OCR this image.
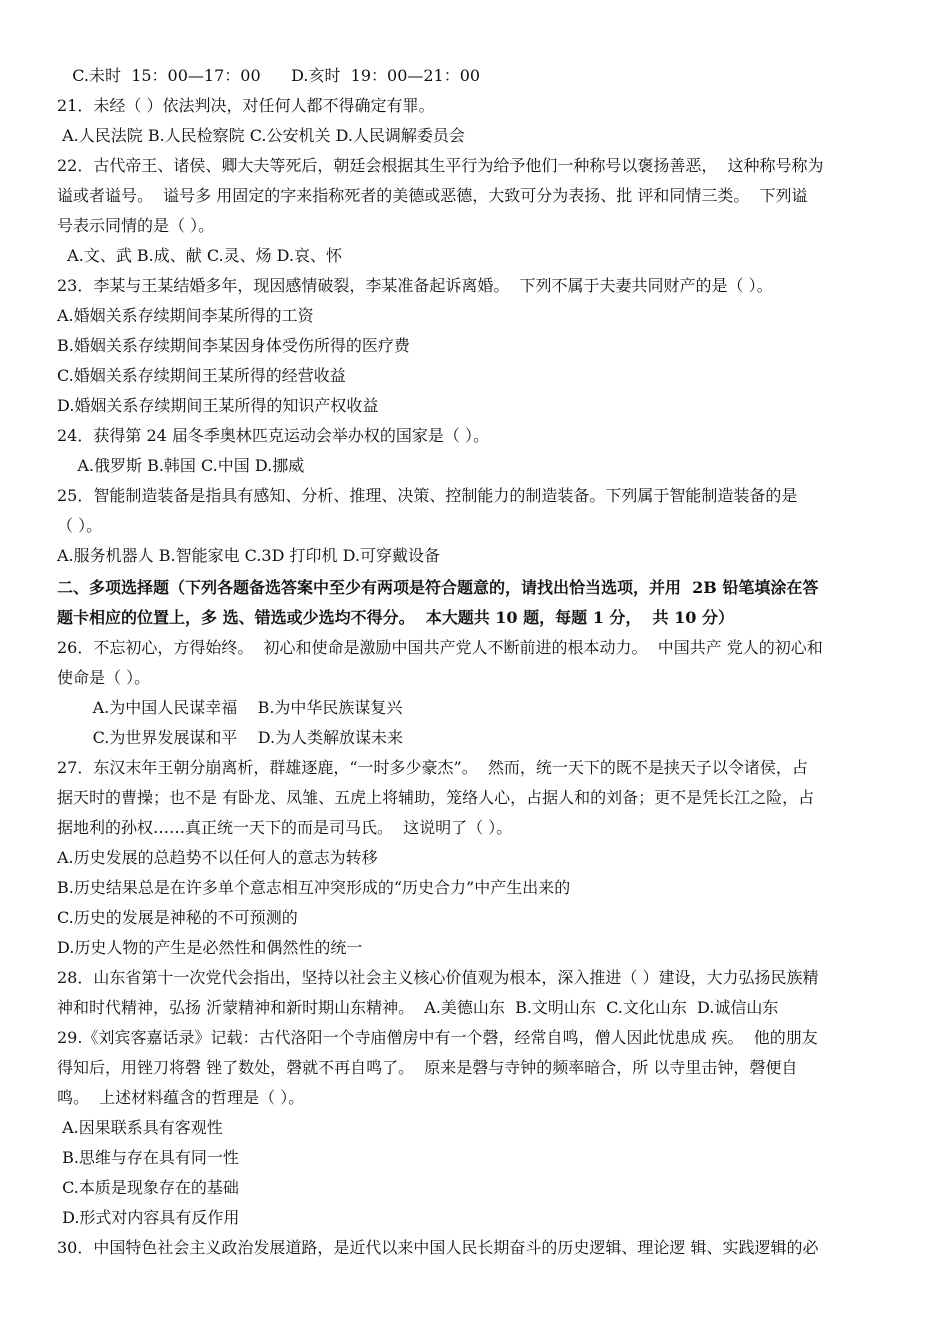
C.未时  15：00—17：00      D.亥时  19：00—21：00
21．未经（ ）依法判决，对任何人都不得确定有罪。
A.人民法院 B.人民检察院 C.公安机关 D.人民调解委员会
22．古代帝王、诸侯、卿大夫等死后，朝廷会根据其生平行为给予他们一种称号以褒扬善恶，  这种称号称为
谥或者谥号。  谥号多 用固定的字来指称死者的美德或恶德，大致可分为表扬、批 评和同情三类。  下列谥
号表示同情的是（ ）。
A.文、武 B.成、献 C.灵、炀 D.哀、怀
23．李某与王某结婚多年，现因感情破裂，李某准备起诉离婚。  下列不属于夫妻共同财产的是（ ）。
A.婚姻关系存续期间李某所得的工资
B.婚姻关系存续期间李某因身体受伤所得的医疗费
C.婚姻关系存续期间王某所得的经营收益
D.婚姻关系存续期间王某所得的知识产权收益
24．获得第 24 届冬季奥林匹克运动会举办权的国家是（ ）。
A.俄罗斯 B.韩国 C.中国 D.挪威
25．智能制造装备是指具有感知、分析、推理、决策、控制能力的制造装备。下列属于智能制造装备的是
（ ）。
A.服务机器人 B.智能家电 C.3D 打印机 D.可穿戴设备
二、多项选择题（下列各题备选答案中至少有两项是符合题意的，请找出恰当选项，并用  2B 铅笔填涂在答
题卡相应的位置上，多 选、错选或少选均不得分。  本大题共 10 题，每题 1 分，  共 10 分）
26．不忘初心，方得始终。  初心和使命是激励中国共产党人不断前进的根本动力。  中国共产 党人的初心和
使命是（ ）。
A.为中国人民谋幸福    B.为中华民族谋复兴
C.为世界发展谋和平    D.为人类解放谋未来
27．东汉末年王朝分崩离析，群雄逐鹿，“一时多少豪杰”。  然而，统一天下的既不是挟天子以令诸侯，占
据天时的曹操；也不是 有卧龙、凤雏、五虎上将辅助，笼络人心，占据人和的刘备；更不是凭长江之险，占
据地利的孙权……真正统一天下的而是司马氏。  这说明了（ ）。
A.历史发展的总趋势不以任何人的意志为转移
B.历史结果总是在许多单个意志相互冲突形成的“历史合力”中产生出来的
C.历史的发展是神秘的不可预测的
D.历史人物的产生是必然性和偶然性的统一
28．山东省第十一次党代会指出，坚持以社会主义核心价值观为根本，深入推进（ ）建设，大力弘扬民族精
神和时代精神，弘扬 沂蒙精神和新时期山东精神。  A.美德山东  B.文明山东  C.文化山东  D.诚信山东
29.《刘宾客嘉话录》记载：古代洛阳一个寺庙僧房中有一个磬，经常自鸣，僧人因此忧患成 疾。  他的朋友
得知后，用锉刀将磬 锉了数处，磬就不再自鸣了。  原来是磬与寺钟的频率暗合，所 以寺里击钟，磬便自
鸣。  上述材料蕴含的哲理是（ ）。
A.因果联系具有客观性
B.思维与存在具有同一性
C.本质是现象存在的基础
D.形式对内容具有反作用
30．中国特色社会主义政治发展道路，是近代以来中国人民长期奋斗的历史逻辑、理论逻 辑、实践逻辑的必
